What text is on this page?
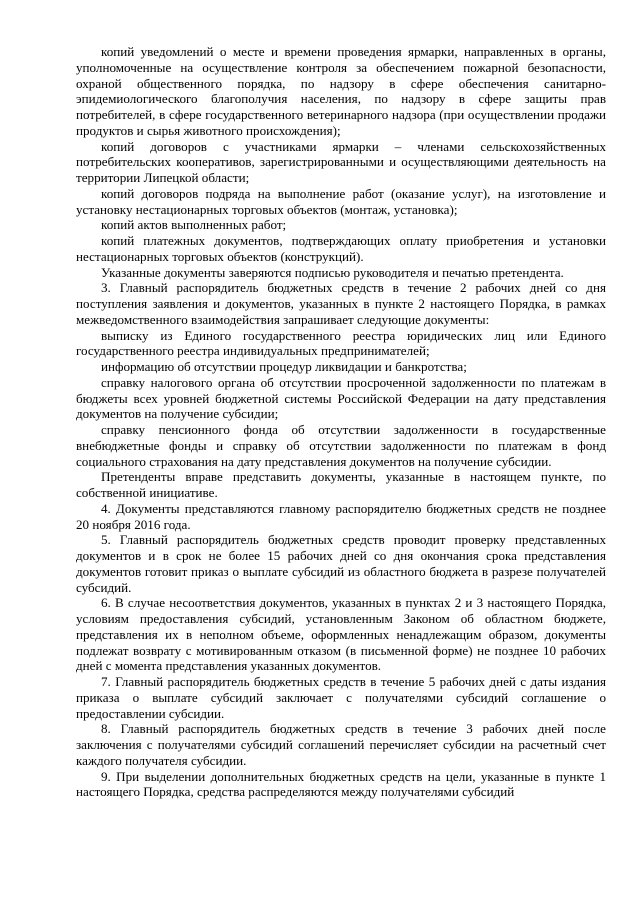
копий уведомлений о месте и времени проведения ярмарки, направленных в органы, уполномоченные на осуществление контроля за обеспечением пожарной безопасности, охраной общественного порядка, по надзору в сфере обеспечения санитарно-эпидемиологического благополучия населения, по надзору в сфере защиты прав потребителей, в сфере государственного ветеринарного надзора (при осуществлении продажи продуктов и сырья животного происхождения);

копий договоров с участниками ярмарки – членами сельскохозяйственных потребительских кооперативов, зарегистрированными и осуществляющими деятельность на территории Липецкой области;

копий договоров подряда на выполнение работ (оказание услуг), на изготовление и установку нестационарных торговых объектов (монтаж, установка);

копий актов выполненных работ;

копий платежных документов, подтверждающих оплату приобретения и установки нестационарных торговых объектов (конструкций).

Указанные документы заверяются подписью руководителя и печатью претендента.

3. Главный распорядитель бюджетных средств в течение 2 рабочих дней со дня поступления заявления и документов, указанных в пункте 2 настоящего Порядка, в рамках межведомственного взаимодействия запрашивает следующие документы:

выписку из Единого государственного реестра юридических лиц или Единого государственного реестра индивидуальных предпринимателей;

информацию об отсутствии процедур ликвидации и банкротства;

справку налогового органа об отсутствии просроченной задолженности по платежам в бюджеты всех уровней бюджетной системы Российской Федерации на дату представления документов на получение субсидии;

справку пенсионного фонда об отсутствии задолженности в государственные внебюджетные фонды и справку об отсутствии задолженности по платежам в фонд социального страхования на дату представления документов на получение субсидии.

Претенденты вправе представить документы, указанные в настоящем пункте, по собственной инициативе.

4. Документы представляются главному распорядителю бюджетных средств не позднее 20 ноября 2016 года.

5. Главный распорядитель бюджетных средств проводит проверку представленных документов и в срок не более 15 рабочих дней со дня окончания срока представления документов готовит приказ о выплате субсидий из областного бюджета в разрезе получателей субсидий.

6. В случае несоответствия документов, указанных в пунктах 2 и 3 настоящего Порядка, условиям предоставления субсидий, установленным Законом об областном бюджете, представления их в неполном объеме, оформленных ненадлежащим образом, документы подлежат возврату с мотивированным отказом (в письменной форме) не позднее 10 рабочих дней с момента представления указанных документов.

7. Главный распорядитель бюджетных средств в течение 5 рабочих дней с даты издания приказа о выплате субсидий заключает с получателями субсидий соглашение о предоставлении субсидии.

8. Главный распорядитель бюджетных средств в течение 3 рабочих дней после заключения с получателями субсидий соглашений перечисляет субсидии на расчетный счет каждого получателя субсидии.

9. При выделении дополнительных бюджетных средств на цели, указанные в пункте 1 настоящего Порядка, средства распределяются между получателями субсидий
